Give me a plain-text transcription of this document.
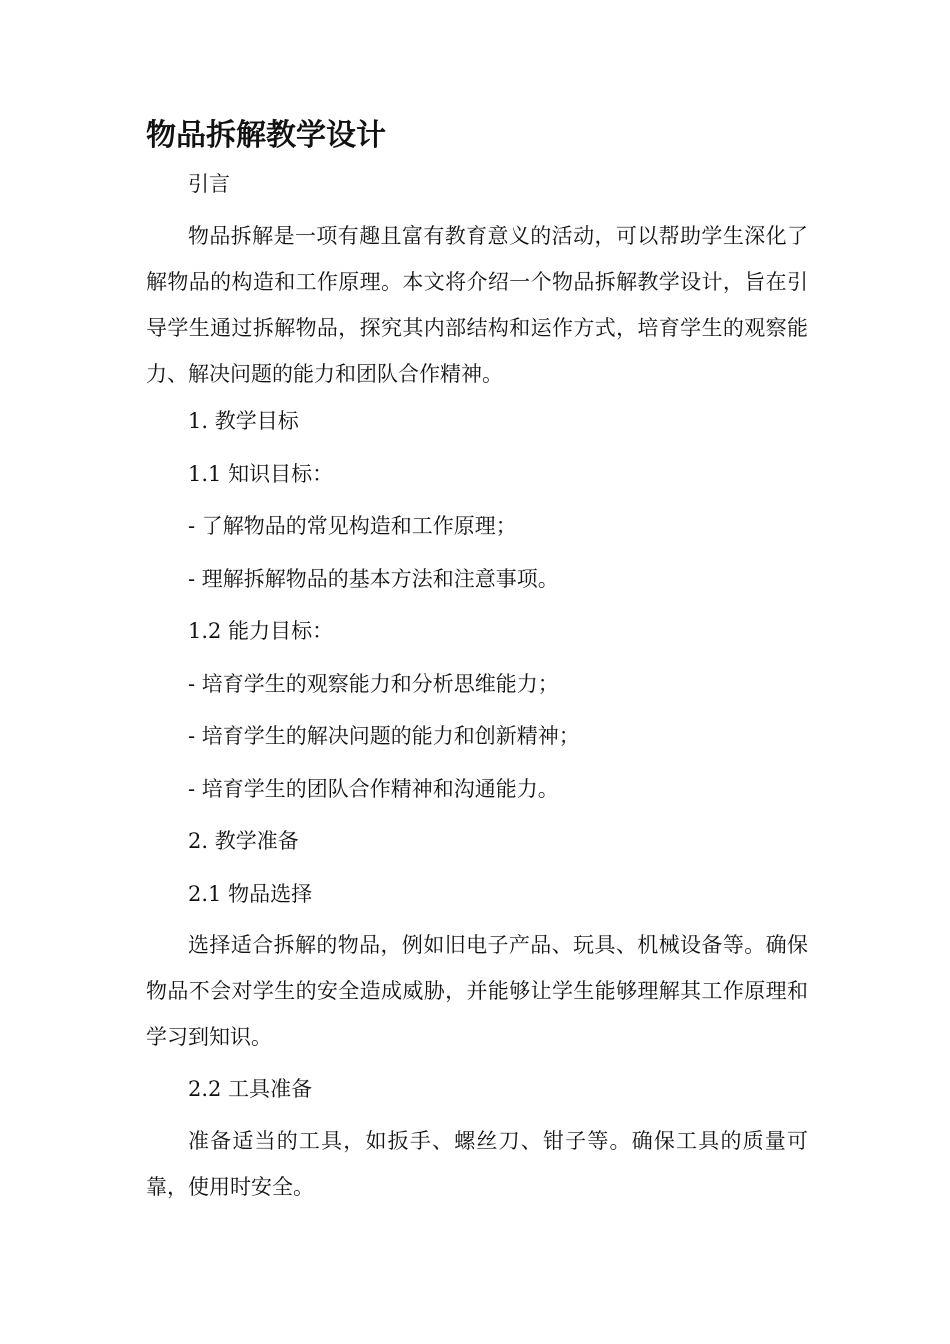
物品拆解教学设计
引言
物品拆解是一项有趣且富有教育意义的活动，可以帮助学生深化了解物品的构造和工作原理。本文将介绍一个物品拆解教学设计，旨在引导学生通过拆解物品，探究其内部结构和运作方式，培育学生的观察能力、解决问题的能力和团队合作精神。
1. 教学目标
1.1 知识目标：
- 了解物品的常见构造和工作原理；
- 理解拆解物品的基本方法和注意事项。
1.2 能力目标：
- 培育学生的观察能力和分析思维能力；
- 培育学生的解决问题的能力和创新精神；
- 培育学生的团队合作精神和沟通能力。
2. 教学准备
2.1 物品选择
选择适合拆解的物品，例如旧电子产品、玩具、机械设备等。确保物品不会对学生的安全造成威胁，并能够让学生能够理解其工作原理和学习到知识。
2.2 工具准备
准备适当的工具，如扳手、螺丝刀、钳子等。确保工具的质量可靠，使用时安全。
